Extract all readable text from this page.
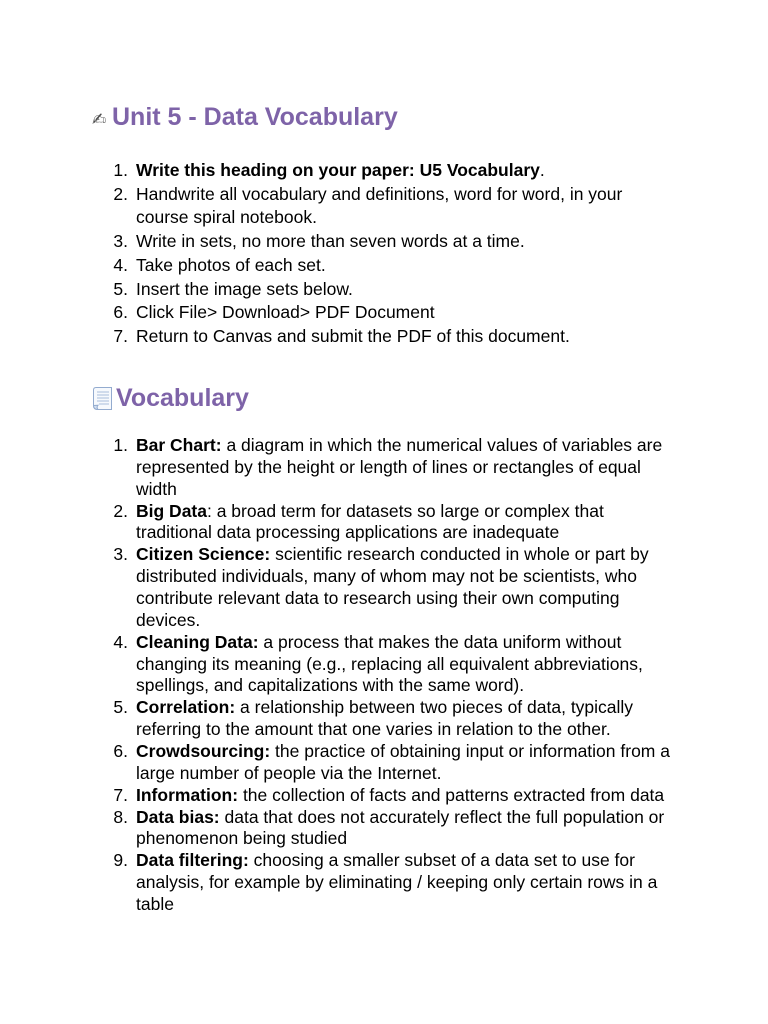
✍ Unit 5 - Data Vocabulary
1. Write this heading on your paper: U5 Vocabulary.
2. Handwrite all vocabulary and definitions, word for word, in your
course spiral notebook.
3. Write in sets, no more than seven words at a time.
4. Take photos of each set.
5. Insert the image sets below.
6. Click File> Download> PDF Document
7. Return to Canvas and submit the PDF of this document.
Vocabulary
1. Bar Chart: a diagram in which the numerical values of variables are
represented by the height or length of lines or rectangles of equal
width
2. Big Data: a broad term for datasets so large or complex that
traditional data processing applications are inadequate
3. Citizen Science: scientific research conducted in whole or part by
distributed individuals, many of whom may not be scientists, who
contribute relevant data to research using their own computing
devices.
4. Cleaning Data: a process that makes the data uniform without
changing its meaning (e.g., replacing all equivalent abbreviations,
spellings, and capitalizations with the same word).
5. Correlation: a relationship between two pieces of data, typically
referring to the amount that one varies in relation to the other.
6. Crowdsourcing: the practice of obtaining input or information from a
large number of people via the Internet.
7. Information: the collection of facts and patterns extracted from data
8. Data bias: data that does not accurately reflect the full population or
phenomenon being studied
9. Data filtering: choosing a smaller subset of a data set to use for
analysis, for example by eliminating / keeping only certain rows in a
table
